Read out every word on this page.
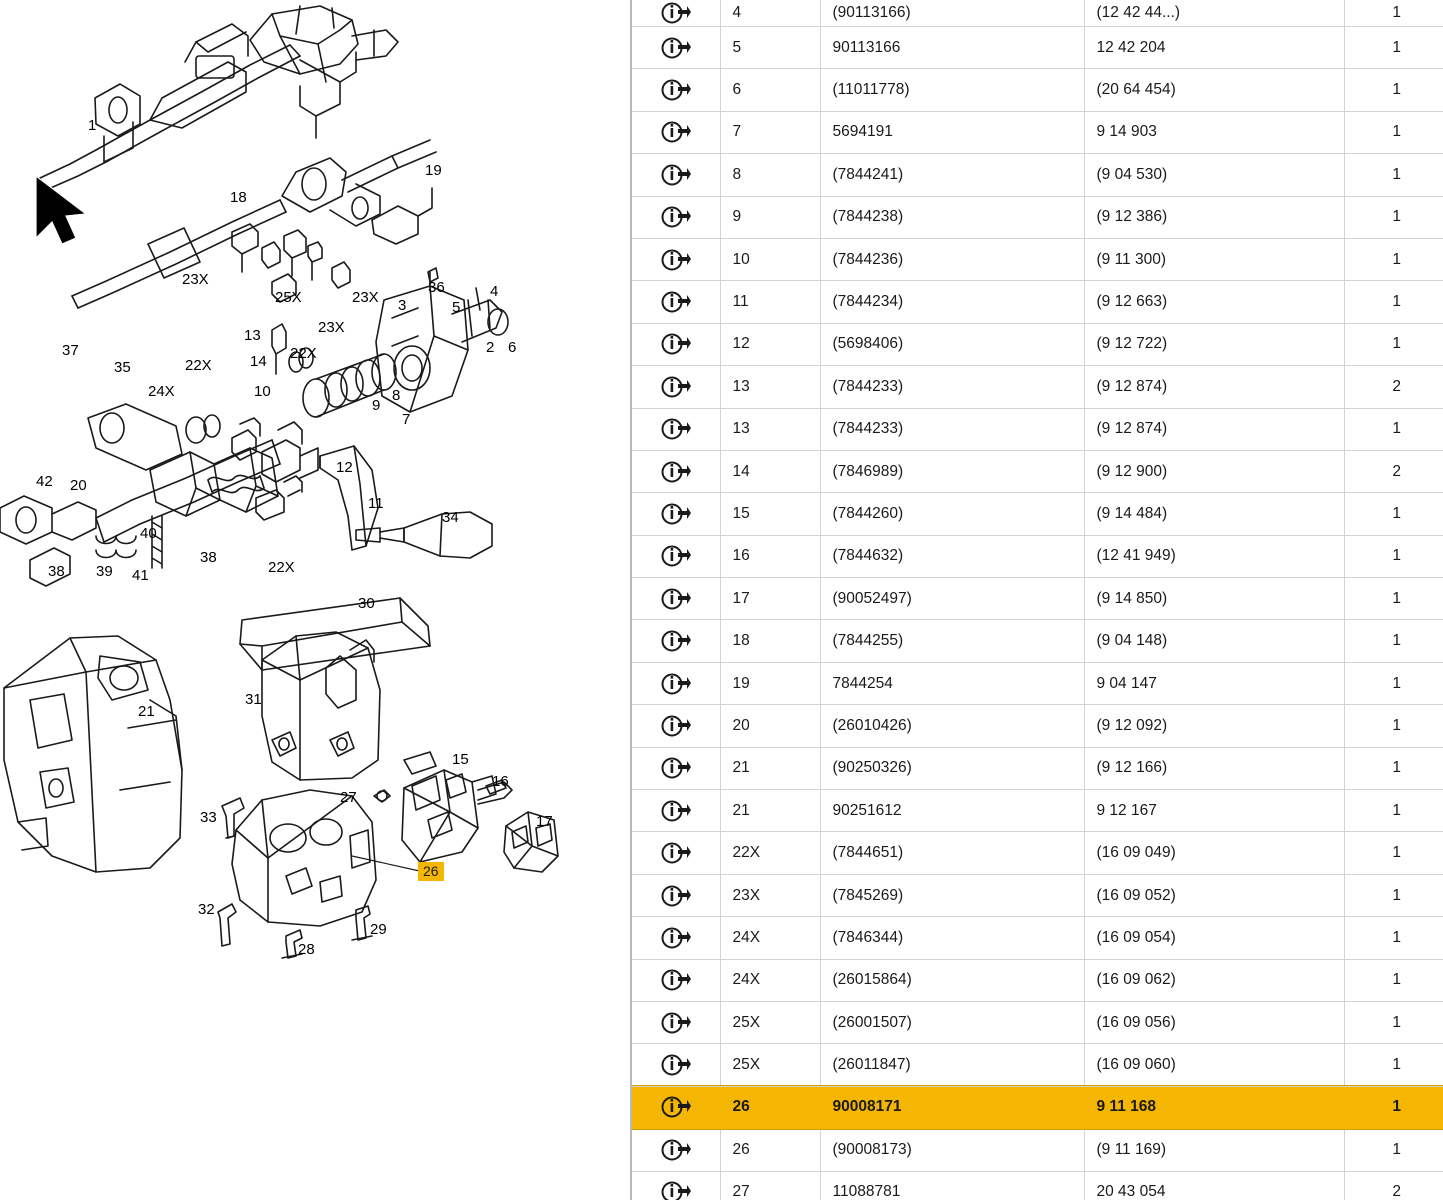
1
19
18
23X
25X	23X 3
36
5
4
13	23X
2 6
37
14 22X
22X
35
24X	10
9
8
7
42 20
12
11
38
40
38
22X
34
39 41
30
21
31
15
16
27
33	17
32
28
29
26
	4	(90113166)	(12 42 44...)	1

	5	90113166	12 42 204	1

	6	(11011778)	(20 64 454)	1

	7	5694191	9 14 903	1

	8	(7844241)	(9 04 530)	1

	9	(7844238)	(9 12 386)	1

	10	(7844236)	(9 11 300)	1

	11	(7844234)	(9 12 663)	1

	12	(5698406)	(9 12 722)	1

	13	(7844233)	(9 12 874)	2

	13	(7844233)	(9 12 874)	1

	14	(7846989)	(9 12 900)	2

	15	(7844260)	(9 14 484)	1

	16	(7844632)	(12 41 949)	1

	17	(90052497)	(9 14 850)	1

	18	(7844255)	(9 04 148)	1

	19	7844254	9 04 147	1

	20	(26010426)	(9 12 092)	1

	21	(90250326)	(9 12 166)	1

	21	90251612	9 12 167	1

	22X	(7844651)	(16 09 049)	1

	23X	(7845269)	(16 09 052)	1

	24X	(7846344)	(16 09 054)	1

	24X	(26015864)	(16 09 062)	1

	25X	(26001507)	(16 09 056)	1

	25X	(26011847)	(16 09 060)	1

	26	90008171	9 11 168	1

	26	(90008173)	(9 11 169)	1

	27	11088781	20 43 054	2
